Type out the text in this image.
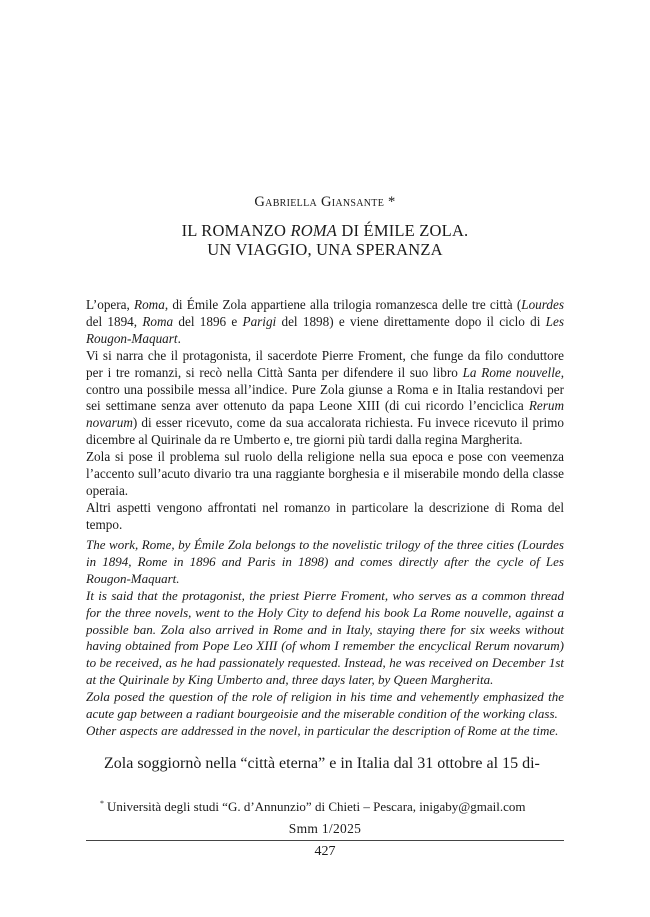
Gabriella Giansante *
IL ROMANZO ROMA DI ÉMILE ZOLA.
UN VIAGGIO, UNA SPERANZA

L’opera, Roma, di Émile Zola appartiene alla trilogia romanzesca delle tre città (Lourdes del 1894, Roma del 1896 e Parigi del 1898) e viene direttamente dopo il ciclo di Les Rougon-Maquart.

Vi si narra che il protagonista, il sacerdote Pierre Froment, che funge da filo conduttore per i tre romanzi, si recò nella Città Santa per difendere il suo libro La Rome nouvelle, contro una possibile messa all’indice. Pure Zola giunse a Roma e in Italia restandovi per sei settimane senza aver ottenuto da papa Leone XIII (di cui ricordo l’enciclica Rerum novarum) di esser ricevuto, come da sua accalorata richiesta. Fu invece ricevuto il primo dicembre al Quirinale da re Umberto e, tre giorni più tardi dalla regina Margherita.

Zola si pose il problema sul ruolo della religione nella sua epoca e pose con veemenza l’accento sull’acuto divario tra una raggiante borghesia e il miserabile mondo della classe operaia.

Altri aspetti vengono affrontati nel romanzo in particolare la descrizione di Roma del tempo.

The work, Rome, by Émile Zola belongs to the novelistic trilogy of the three cities (Lourdes in 1894, Rome in 1896 and Paris in 1898) and comes directly after the cycle of Les Rougon-Maquart.

It is said that the protagonist, the priest Pierre Froment, who serves as a common thread for the three novels, went to the Holy City to defend his book La Rome nouvelle, against a possible ban. Zola also arrived in Rome and in Italy, staying there for six weeks without having obtained from Pope Leo XIII (of whom I remember the encyclical Rerum novarum) to be received, as he had passionately requested. Instead, he was received on December 1st at the Quirinale by King Umberto and, three days later, by Queen Margherita.

Zola posed the question of the role of religion in his time and vehemently emphasized the acute gap between a radiant bourgeoisie and the miserable condition of the working class.

Other aspects are addressed in the novel, in particular the description of Rome at the time.

Zola soggiornò nella “città eterna” e in Italia dal 31 ottobre al 15 di-
* Università degli studi “G. d’Annunzio” di Chieti – Pescara, inigaby@gmail.com
Smm 1/2025
427
